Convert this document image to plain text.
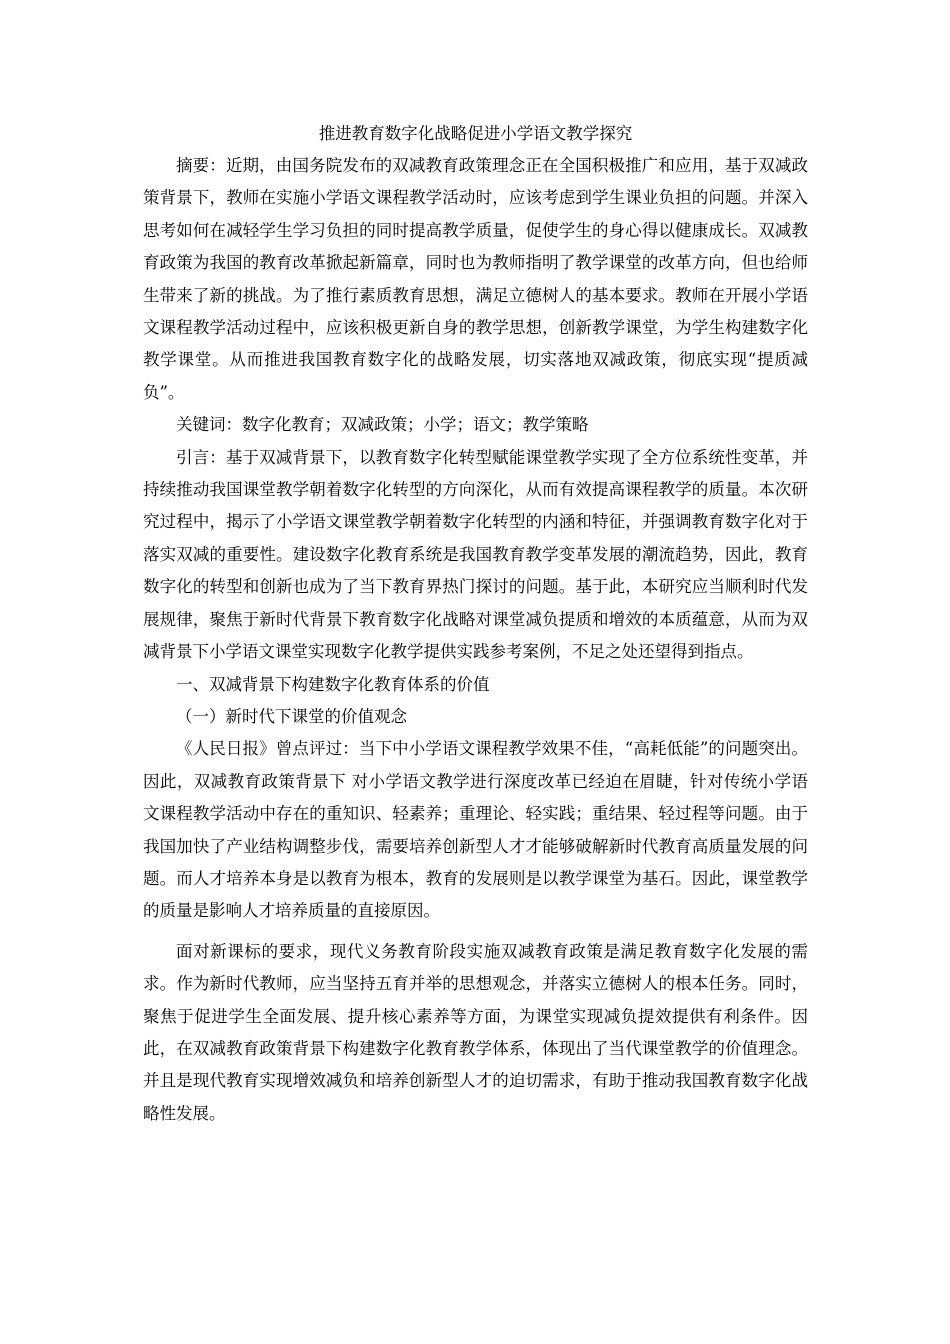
推进教育数字化战略促进小学语文教学探究

摘要：近期，由国务院发布的双减教育政策理念正在全国积极推广和应用，基于双减政策背景下，教师在实施小学语文课程教学活动时，应该考虑到学生课业负担的问题。并深入思考如何在减轻学生学习负担的同时提高教学质量，促使学生的身心得以健康成长。双减教育政策为我国的教育改革掀起新篇章，同时也为教师指明了教学课堂的改革方向，但也给师生带来了新的挑战。为了推行素质教育思想，满足立德树人的基本要求。教师在开展小学语文课程教学活动过程中，应该积极更新自身的教学思想，创新教学课堂，为学生构建数字化教学课堂。从而推进我国教育数字化的战略发展，切实落地双减政策，彻底实现“提质减负”。

关键词：数字化教育；双减政策；小学；语文；教学策略

引言：基于双减背景下，以教育数字化转型赋能课堂教学实现了全方位系统性变革，并持续推动我国课堂教学朝着数字化转型的方向深化，从而有效提高课程教学的质量。本次研究过程中，揭示了小学语文课堂教学朝着数字化转型的内涵和特征，并强调教育数字化对于落实双减的重要性。建设数字化教育系统是我国教育教学变革发展的潮流趋势，因此，教育数字化的转型和创新也成为了当下教育界热门探讨的问题。基于此，本研究应当顺利时代发展规律，聚焦于新时代背景下教育数字化战略对课堂减负提质和增效的本质蕴意，从而为双减背景下小学语文课堂实现数字化教学提供实践参考案例，不足之处还望得到指点。

一、双减背景下构建数字化教育体系的价值

（一）新时代下课堂的价值观念

《人民日报》曾点评过：当下中小学语文课程教学效果不佳，“高耗低能”的问题突出。因此，双减教育政策背景下 对小学语文教学进行深度改革已经迫在眉睫，针对传统小学语文课程教学活动中存在的重知识、轻素养；重理论、轻实践；重结果、轻过程等问题。由于我国加快了产业结构调整步伐，需要培养创新型人才才能够破解新时代教育高质量发展的问题。而人才培养本身是以教育为根本，教育的发展则是以教学课堂为基石。因此，课堂教学的质量是影响人才培养质量的直接原因。

面对新课标的要求，现代义务教育阶段实施双减教育政策是满足教育数字化发展的需求。作为新时代教师，应当坚持五育并举的思想观念，并落实立德树人的根本任务。同时，聚焦于促进学生全面发展、提升核心素养等方面，为课堂实现减负提效提供有利条件。因此，在双减教育政策背景下构建数字化教育教学体系，体现出了当代课堂教学的价值理念。并且是现代教育实现增效减负和培养创新型人才的迫切需求，有助于推动我国教育数字化战略性发展。
